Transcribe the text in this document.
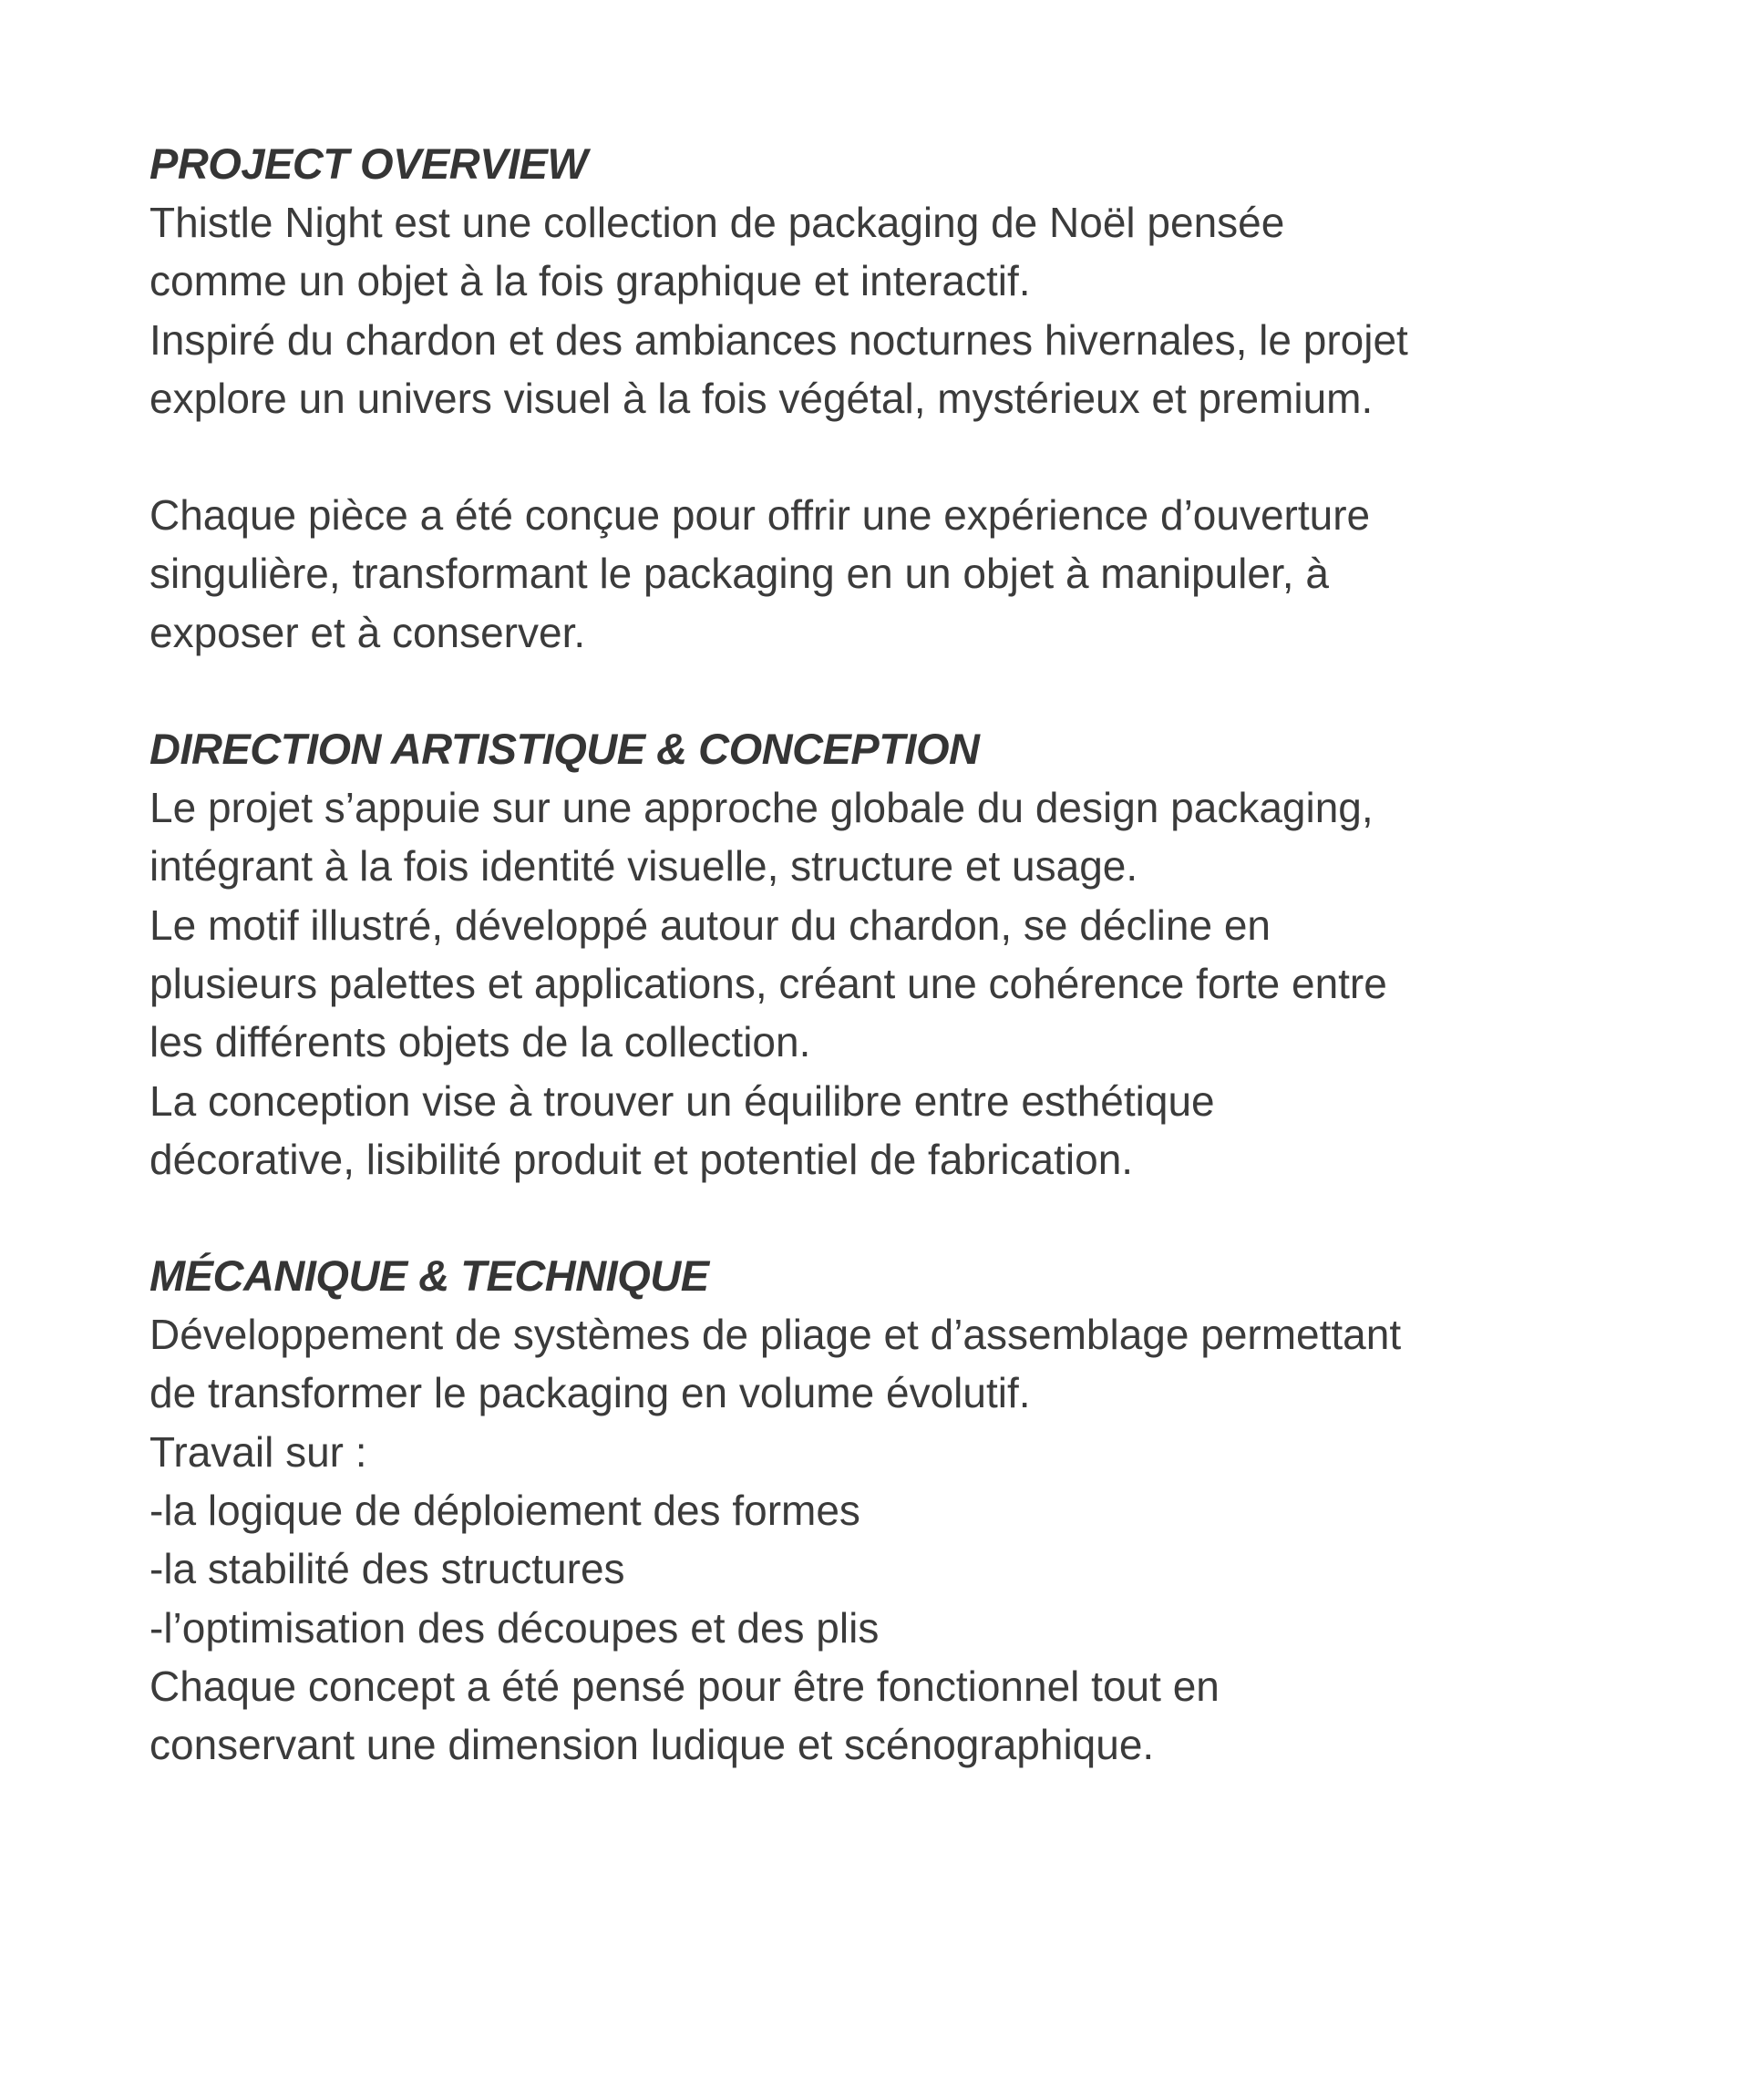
PROJECT OVERVIEW

Thistle Night est une collection de packaging de Noël pensée

comme un objet à la fois graphique et interactif.

Inspiré du chardon et des ambiances nocturnes hivernales, le projet

explore un univers visuel à la fois végétal, mystérieux et premium.

Chaque pièce a été conçue pour offrir une expérience d’ouverture

singulière, transformant le packaging en un objet à manipuler, à

exposer et à conserver.

DIRECTION ARTISTIQUE & CONCEPTION

Le projet s’appuie sur une approche globale du design packaging,

intégrant à la fois identité visuelle, structure et usage.

Le motif illustré, développé autour du chardon, se décline en

plusieurs palettes et applications, créant une cohérence forte entre

les différents objets de la collection.

La conception vise à trouver un équilibre entre esthétique

décorative, lisibilité produit et potentiel de fabrication.

MÉCANIQUE & TECHNIQUE

Développement de systèmes de pliage et d’assemblage permettant

de transformer le packaging en volume évolutif.

Travail sur :

-la logique de déploiement des formes

-la stabilité des structures

-l’optimisation des découpes et des plis

Chaque concept a été pensé pour être fonctionnel tout en

conservant une dimension ludique et scénographique.
